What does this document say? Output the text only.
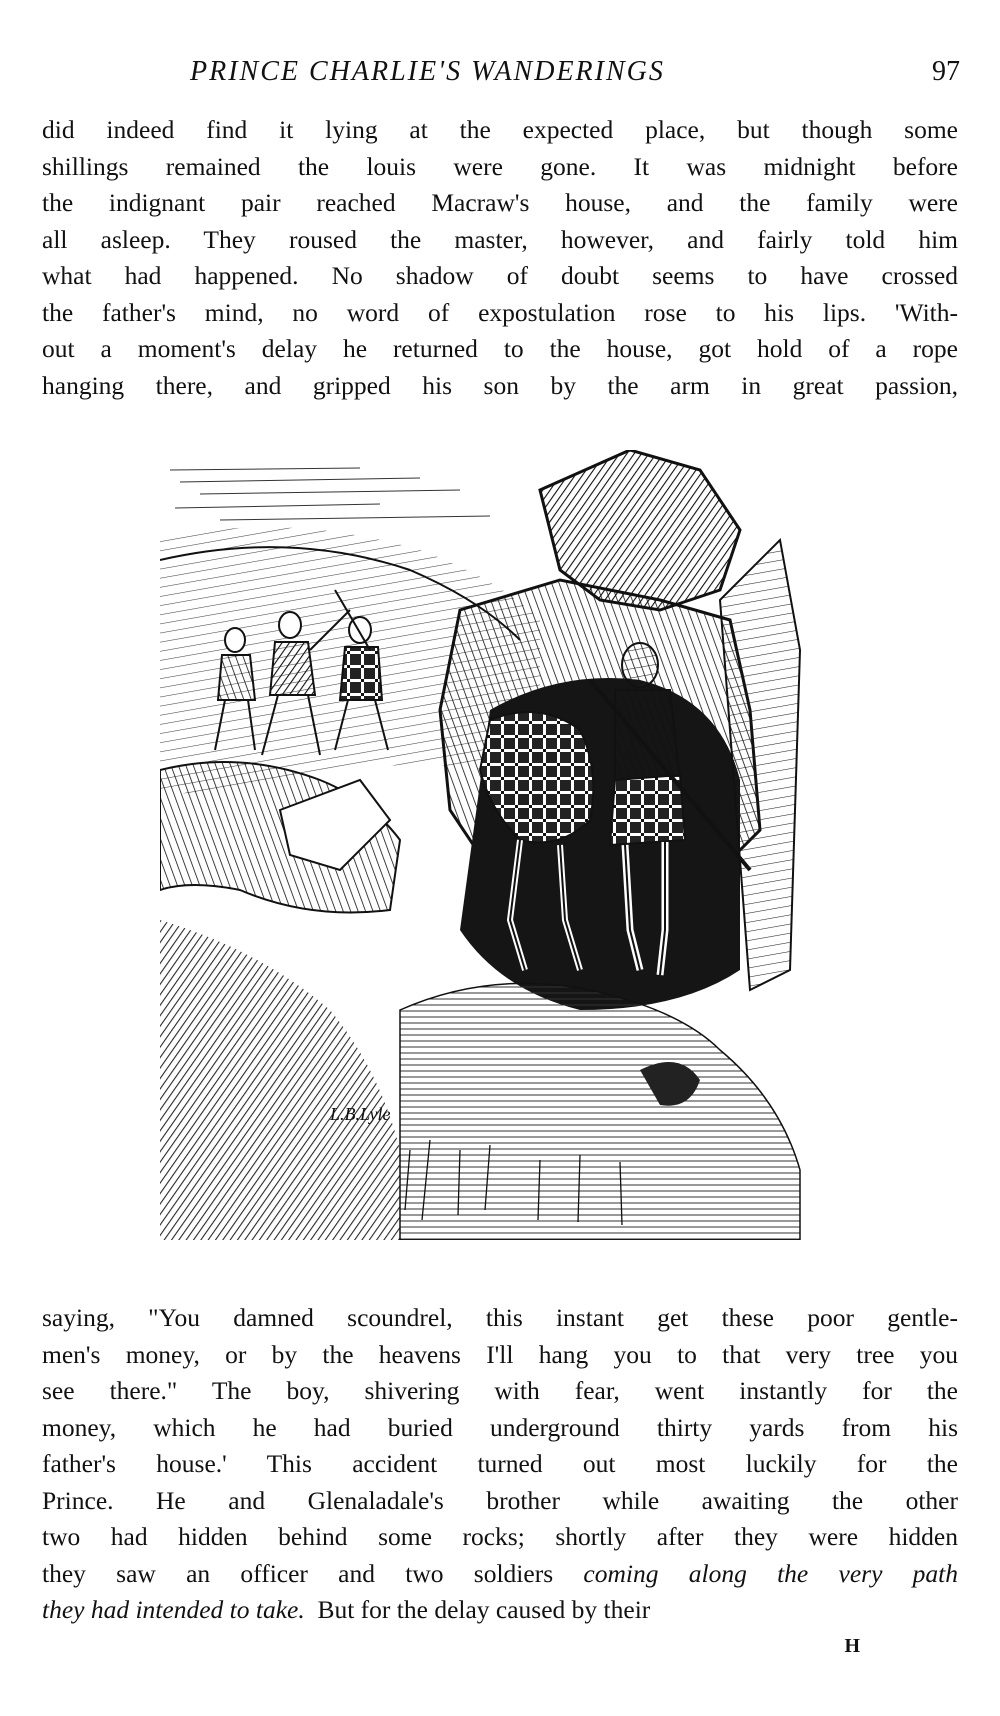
PRINCE CHARLIE'S WANDERINGS	97

did indeed find it lying at the expected place, but though some
shillings remained the louis were gone. It was midnight before
the indignant pair reached Macraw's house, and the family were
all asleep. They roused the master, however, and fairly told him
what had happened. No shadow of doubt seems to have crossed
the father's mind, no word of expostulation rose to his lips. 'With-
out a moment's delay he returned to the house, got hold of a rope
hanging there, and gripped his son by the arm in great passion,

L.B.Lyle

saying, "You damned scoundrel, this instant get these poor gentle-
men's money, or by the heavens I'll hang you to that very tree you
see there." The boy, shivering with fear, went instantly for the
money, which he had buried underground thirty yards from his
father's house.' This accident turned out most luckily for the
Prince. He and Glenaladale's brother while awaiting the other
two had hidden behind some rocks; shortly after they were hidden
they saw an officer and two soldiers coming along the very path
they had intended to take. But for the delay caused by their

H
